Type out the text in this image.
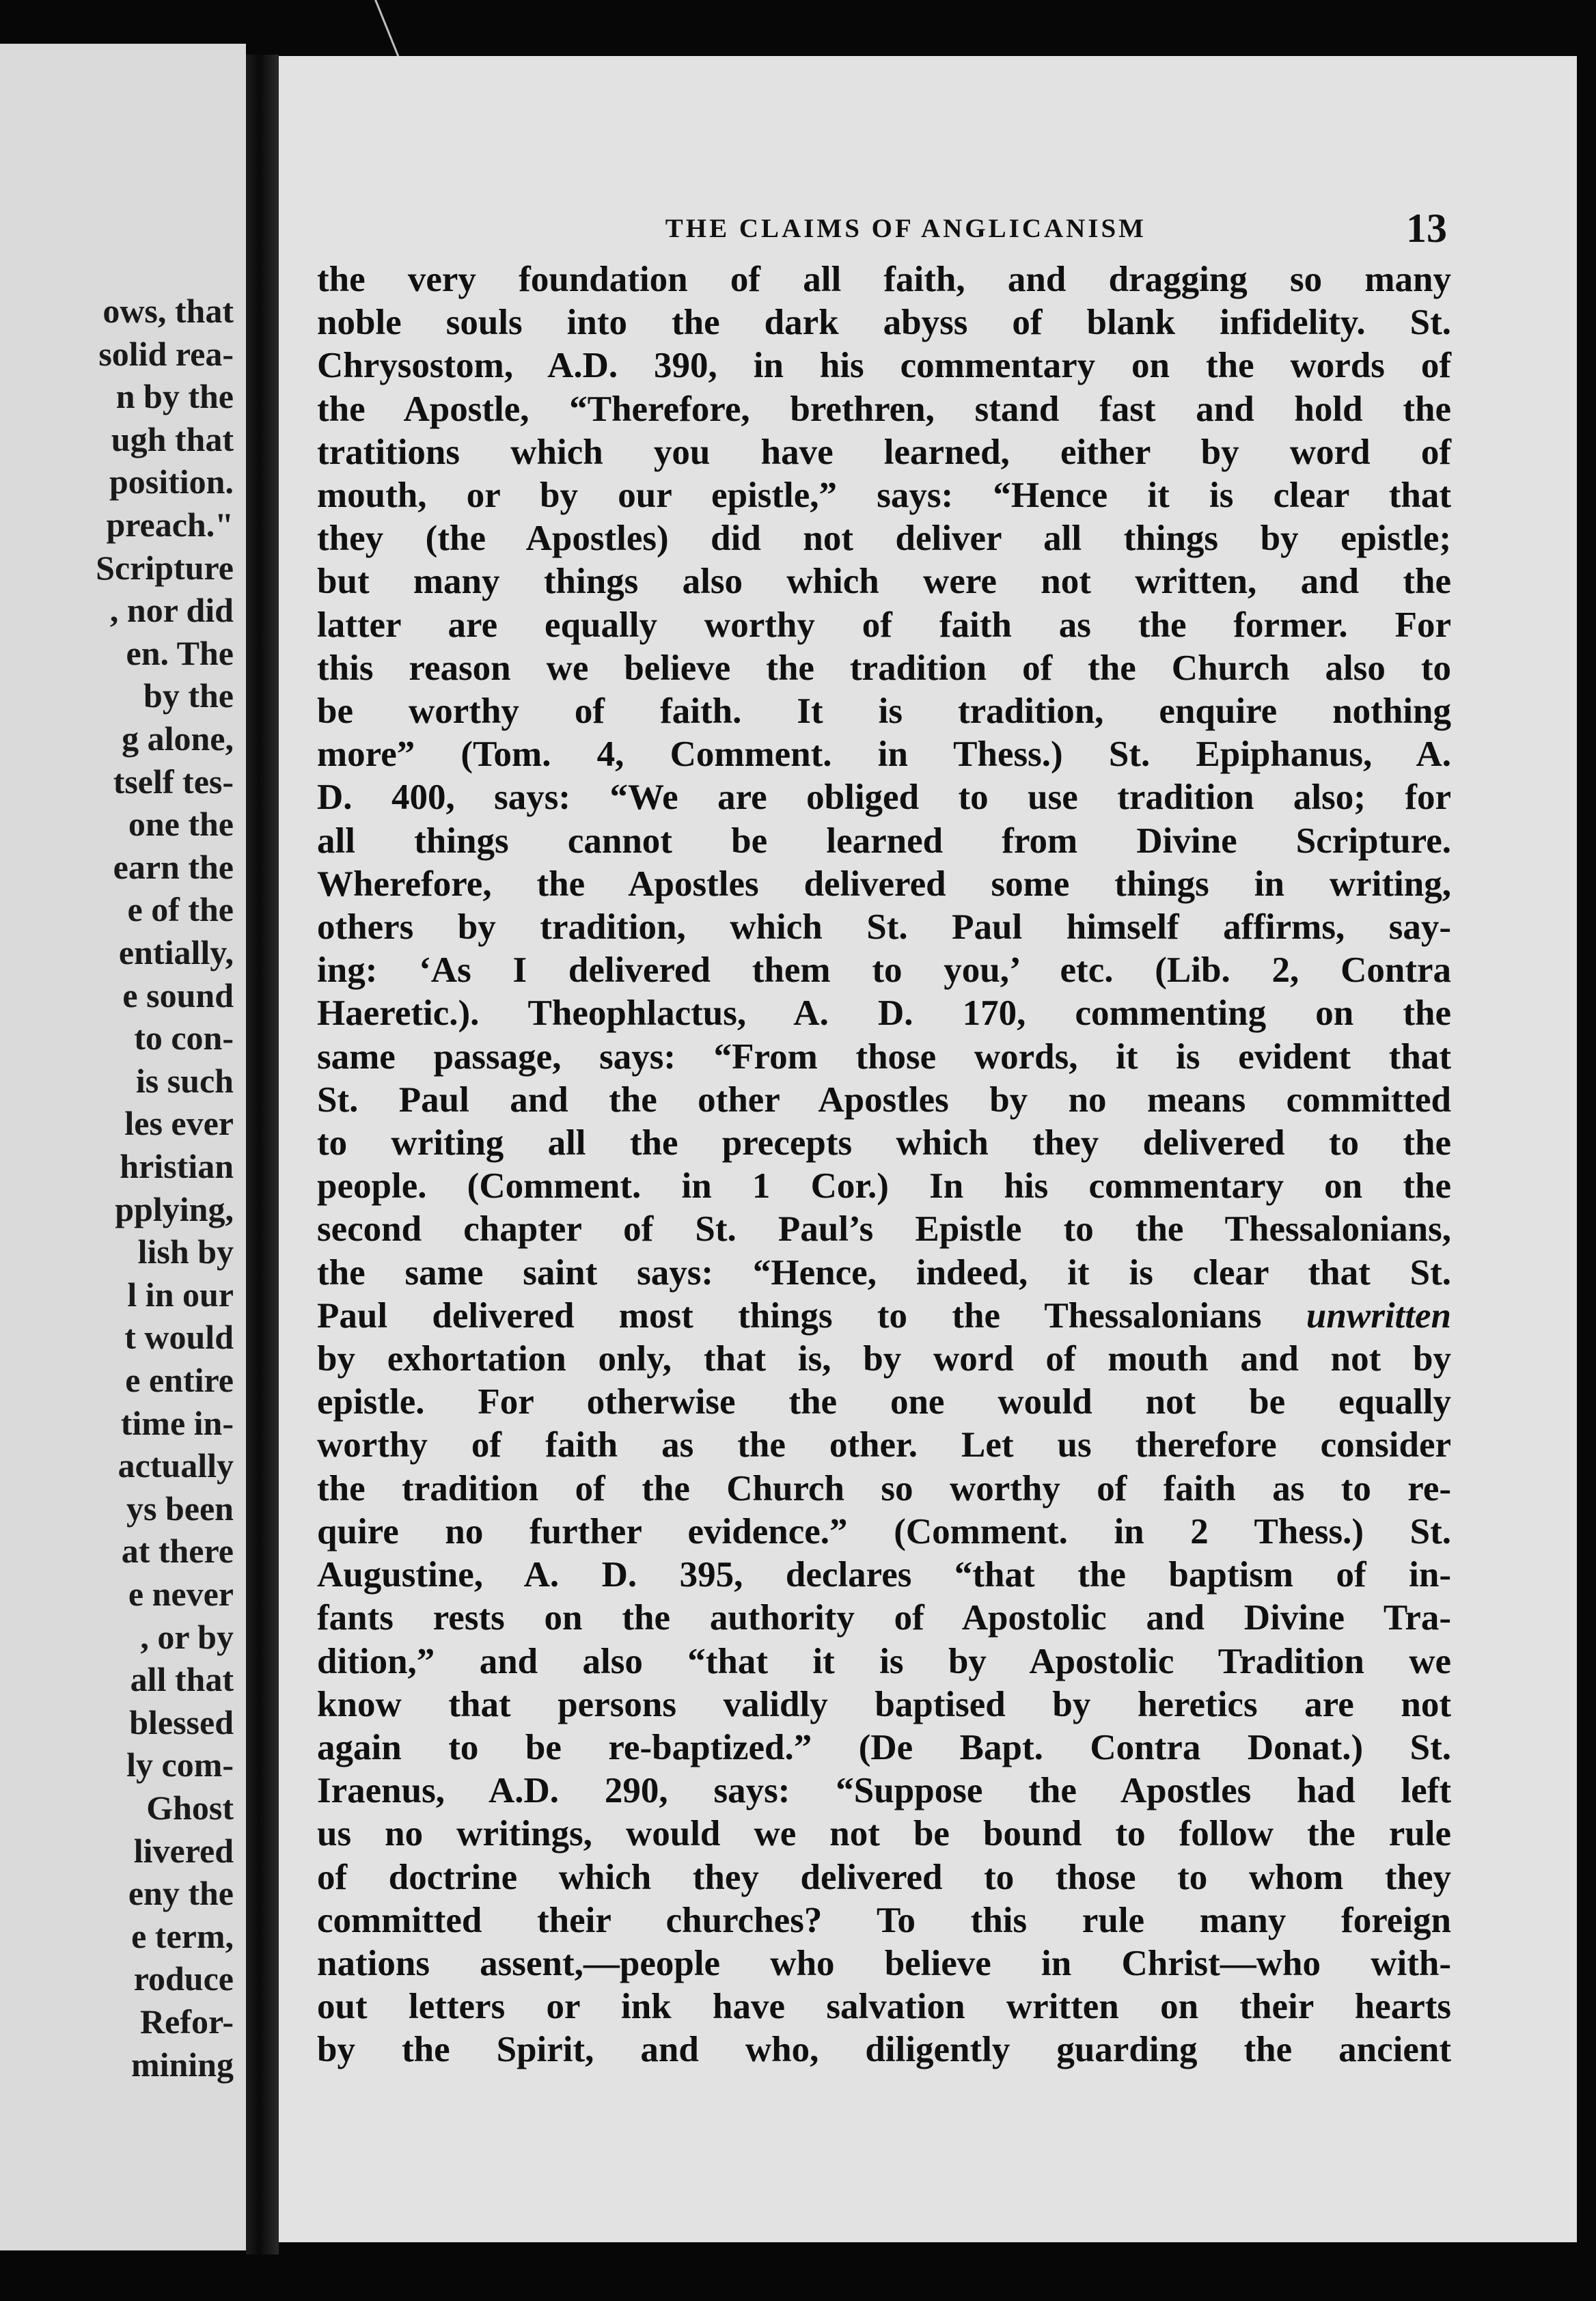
ows, that
solid rea-
n by the
ugh that
position.
preach."
Scripture
, nor did
en. The
by the
g alone,
tself tes-
one the
earn the
e of the
entially,
e sound
to con-
is such
les ever
hristian
pplying,
lish by
l in our
t would
e entire
time in-
actually
ys been
at there
e never
, or by
all that
blessed
ly com-
Ghost
livered
eny the
e term,
roduce
Refor-
mining
THE CLAIMS OF ANGLICANISM	13
the very foundation of all faith, and dragging so many
noble souls into the dark abyss of blank infidelity. St.
Chrysostom, A.D. 390, in his commentary on the words of
the Apostle, “Therefore, brethren, stand fast and hold the
tratitions which you have learned, either by word of
mouth, or by our epistle,” says: “Hence it is clear that
they (the Apostles) did not deliver all things by epistle;
but many things also which were not written, and the
latter are equally worthy of faith as the former. For
this reason we believe the tradition of the Church also to
be worthy of faith. It is tradition, enquire nothing
more” (Tom. 4, Comment. in Thess.) St. Epiphanus, A.
D. 400, says: “We are obliged to use tradition also; for
all things cannot be learned from Divine Scripture.
Wherefore, the Apostles delivered some things in writing,
others by tradition, which St. Paul himself affirms, say-
ing: ‘As I delivered them to you,’ etc. (Lib. 2, Contra
Haeretic.). Theophlactus, A. D. 170, commenting on the
same passage, says: “From those words, it is evident that
St. Paul and the other Apostles by no means committed
to writing all the precepts which they delivered to the
people. (Comment. in 1 Cor.) In his commentary on the
second chapter of St. Paul’s Epistle to the Thessalonians,
the same saint says: “Hence, indeed, it is clear that St.
Paul delivered most things to the Thessalonians unwritten
by exhortation only, that is, by word of mouth and not by
epistle. For otherwise the one would not be equally
worthy of faith as the other. Let us therefore consider
the tradition of the Church so worthy of faith as to re-
quire no further evidence.” (Comment. in 2 Thess.) St.
Augustine, A. D. 395, declares “that the baptism of in-
fants rests on the authority of Apostolic and Divine Tra-
dition,” and also “that it is by Apostolic Tradition we
know that persons validly baptised by heretics are not
again to be re-baptized.” (De Bapt. Contra Donat.) St.
Iraenus, A.D. 290, says: “Suppose the Apostles had left
us no writings, would we not be bound to follow the rule
of doctrine which they delivered to those to whom they
committed their churches? To this rule many foreign
nations assent,—people who believe in Christ—who with-
out letters or ink have salvation written on their hearts
by the Spirit, and who, diligently guarding the ancient
